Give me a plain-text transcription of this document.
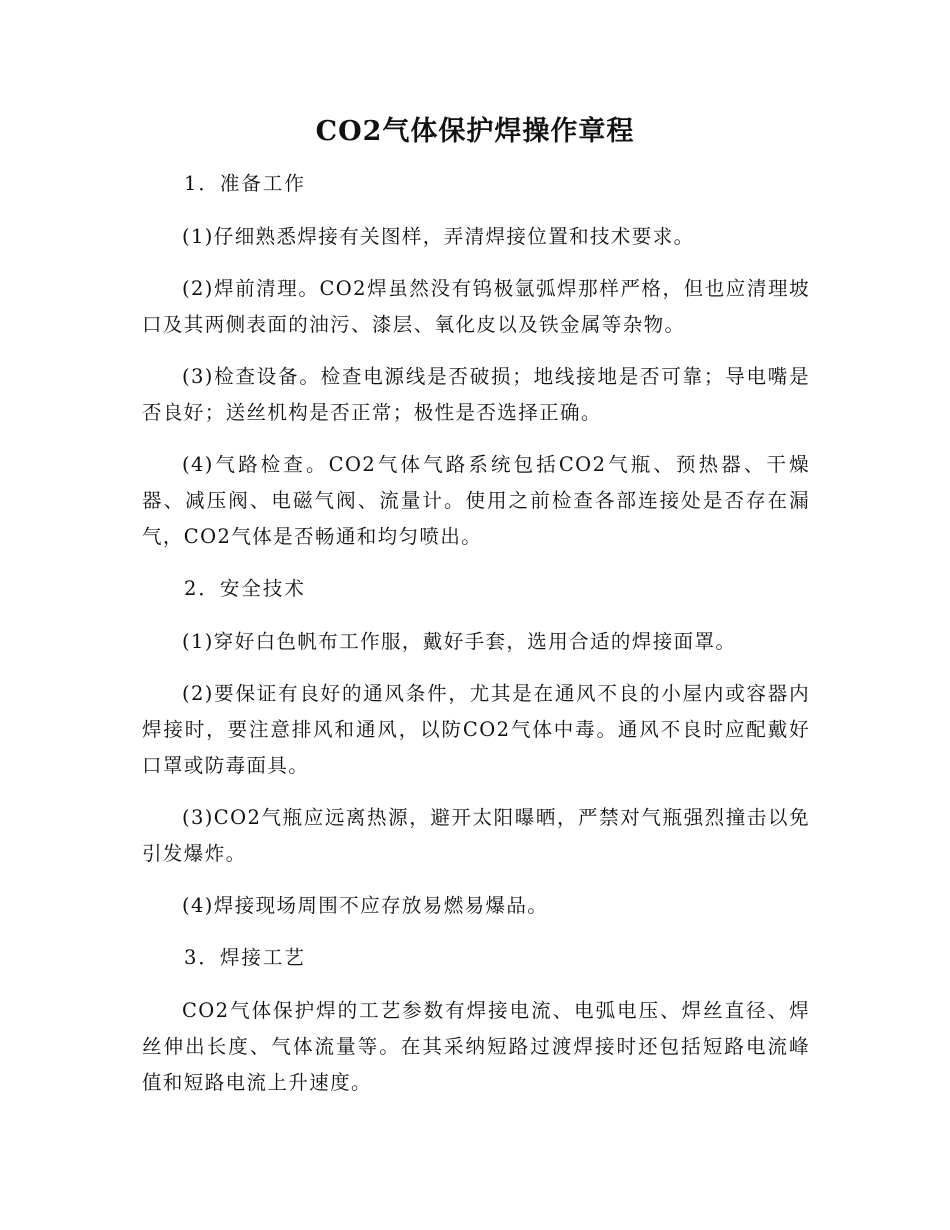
CO2气体保护焊操作章程
1．准备工作

(1)仔细熟悉焊接有关图样，弄清焊接位置和技术要求。

(2)焊前清理。CO2焊虽然没有钨极氩弧焊那样严格，但也应清理坡口及其两侧表面的油污、漆层、氧化皮以及铁金属等杂物。

(3)检查设备。检查电源线是否破损；地线接地是否可靠；导电嘴是否良好；送丝机构是否正常；极性是否选择正确。

(4)气路检查。CO2气体气路系统包括CO2气瓶、预热器、干燥器、减压阀、电磁气阀、流量计。使用之前检查各部连接处是否存在漏气，CO2气体是否畅通和均匀喷出。

2．安全技术

(1)穿好白色帆布工作服，戴好手套，选用合适的焊接面罩。

(2)要保证有良好的通风条件，尤其是在通风不良的小屋内或容器内焊接时，要注意排风和通风，以防CO2气体中毒。通风不良时应配戴好口罩或防毒面具。

(3)CO2气瓶应远离热源，避开太阳曝晒，严禁对气瓶强烈撞击以免引发爆炸。

(4)焊接现场周围不应存放易燃易爆品。

3．焊接工艺

CO2气体保护焊的工艺参数有焊接电流、电弧电压、焊丝直径、焊丝伸出长度、气体流量等。在其采纳短路过渡焊接时还包括短路电流峰值和短路电流上升速度。
